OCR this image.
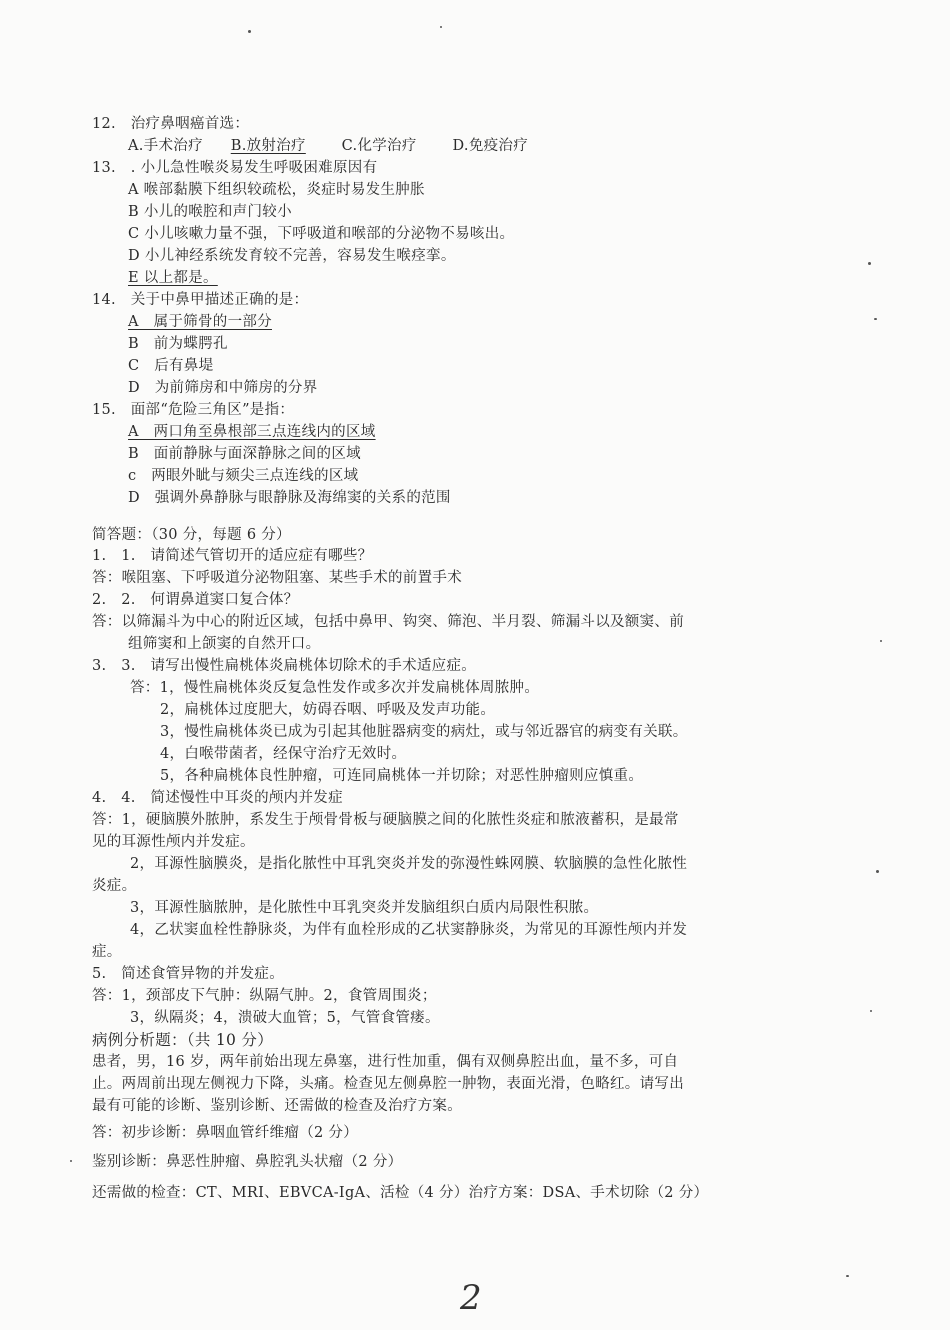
12.　治疗鼻咽癌首选：
A.手术治疗 B.放射治疗 C.化学治疗 D.免疫治疗
13.　. 小儿急性喉炎易发生呼吸困难原因有
A 喉部黏膜下组织较疏松，炎症时易发生肿胀
B 小儿的喉腔和声门较小
C 小儿咳嗽力量不强，下呼吸道和喉部的分泌物不易咳出。
D 小儿神经系统发育较不完善，容易发生喉痉挛。
E 以上都是。
14.　关于中鼻甲描述正确的是：
A　属于筛骨的一部分
B　前为蝶腭孔
C　后有鼻堤
D　为前筛房和中筛房的分界
15.　面部“危险三角区”是指：
A　两口角至鼻根部三点连线内的区域
B　面前静脉与面深静脉之间的区域
c　两眼外眦与颏尖三点连线的区域
D　强调外鼻静脉与眼静脉及海绵窦的关系的范围
简答题：（30 分，每题 6 分）
1.　1.　请简述气管切开的适应症有哪些？
答：喉阻塞、下呼吸道分泌物阻塞、某些手术的前置手术
2.　2.　何谓鼻道窦口复合体？
答：以筛漏斗为中心的附近区域，包括中鼻甲、钩突、筛泡、半月裂、筛漏斗以及额窦、前
组筛窦和上颌窦的自然开口。
3.　3.　请写出慢性扁桃体炎扁桃体切除术的手术适应症。
答：1，慢性扁桃体炎反复急性发作或多次并发扁桃体周脓肿。
2，扁桃体过度肥大，妨碍吞咽、呼吸及发声功能。
3，慢性扁桃体炎已成为引起其他脏器病变的病灶，或与邻近器官的病变有关联。
4，白喉带菌者，经保守治疗无效时。
5，各种扁桃体良性肿瘤，可连同扁桃体一并切除；对恶性肿瘤则应慎重。
4.　4.　简述慢性中耳炎的颅内并发症
答：1，硬脑膜外脓肿，系发生于颅骨骨板与硬脑膜之间的化脓性炎症和脓液蓄积，是最常
见的耳源性颅内并发症。
2，耳源性脑膜炎，是指化脓性中耳乳突炎并发的弥漫性蛛网膜、软脑膜的急性化脓性
炎症。
3，耳源性脑脓肿，是化脓性中耳乳突炎并发脑组织白质内局限性积脓。
4，乙状窦血栓性静脉炎，为伴有血栓形成的乙状窦静脉炎，为常见的耳源性颅内并发
症。
5.　简述食管异物的并发症。
答：1，颈部皮下气肿：纵隔气肿。2，食管周围炎；
3，纵隔炎；4，溃破大血管；5，气管食管瘘。
病例分析题：（共 10 分）
患者，男，16 岁，两年前始出现左鼻塞，进行性加重，偶有双侧鼻腔出血，量不多，可自
止。两周前出现左侧视力下降，头痛。检查见左侧鼻腔一肿物，表面光滑，色略红。请写出
最有可能的诊断、鉴别诊断、还需做的检查及治疗方案。
答：初步诊断：鼻咽血管纤维瘤（2 分）
鉴别诊断：鼻恶性肿瘤、鼻腔乳头状瘤（2 分）
还需做的检查：CT、MRI、EBVCA-IgA、活检（4 分）治疗方案：DSA、手术切除（2 分）
2
